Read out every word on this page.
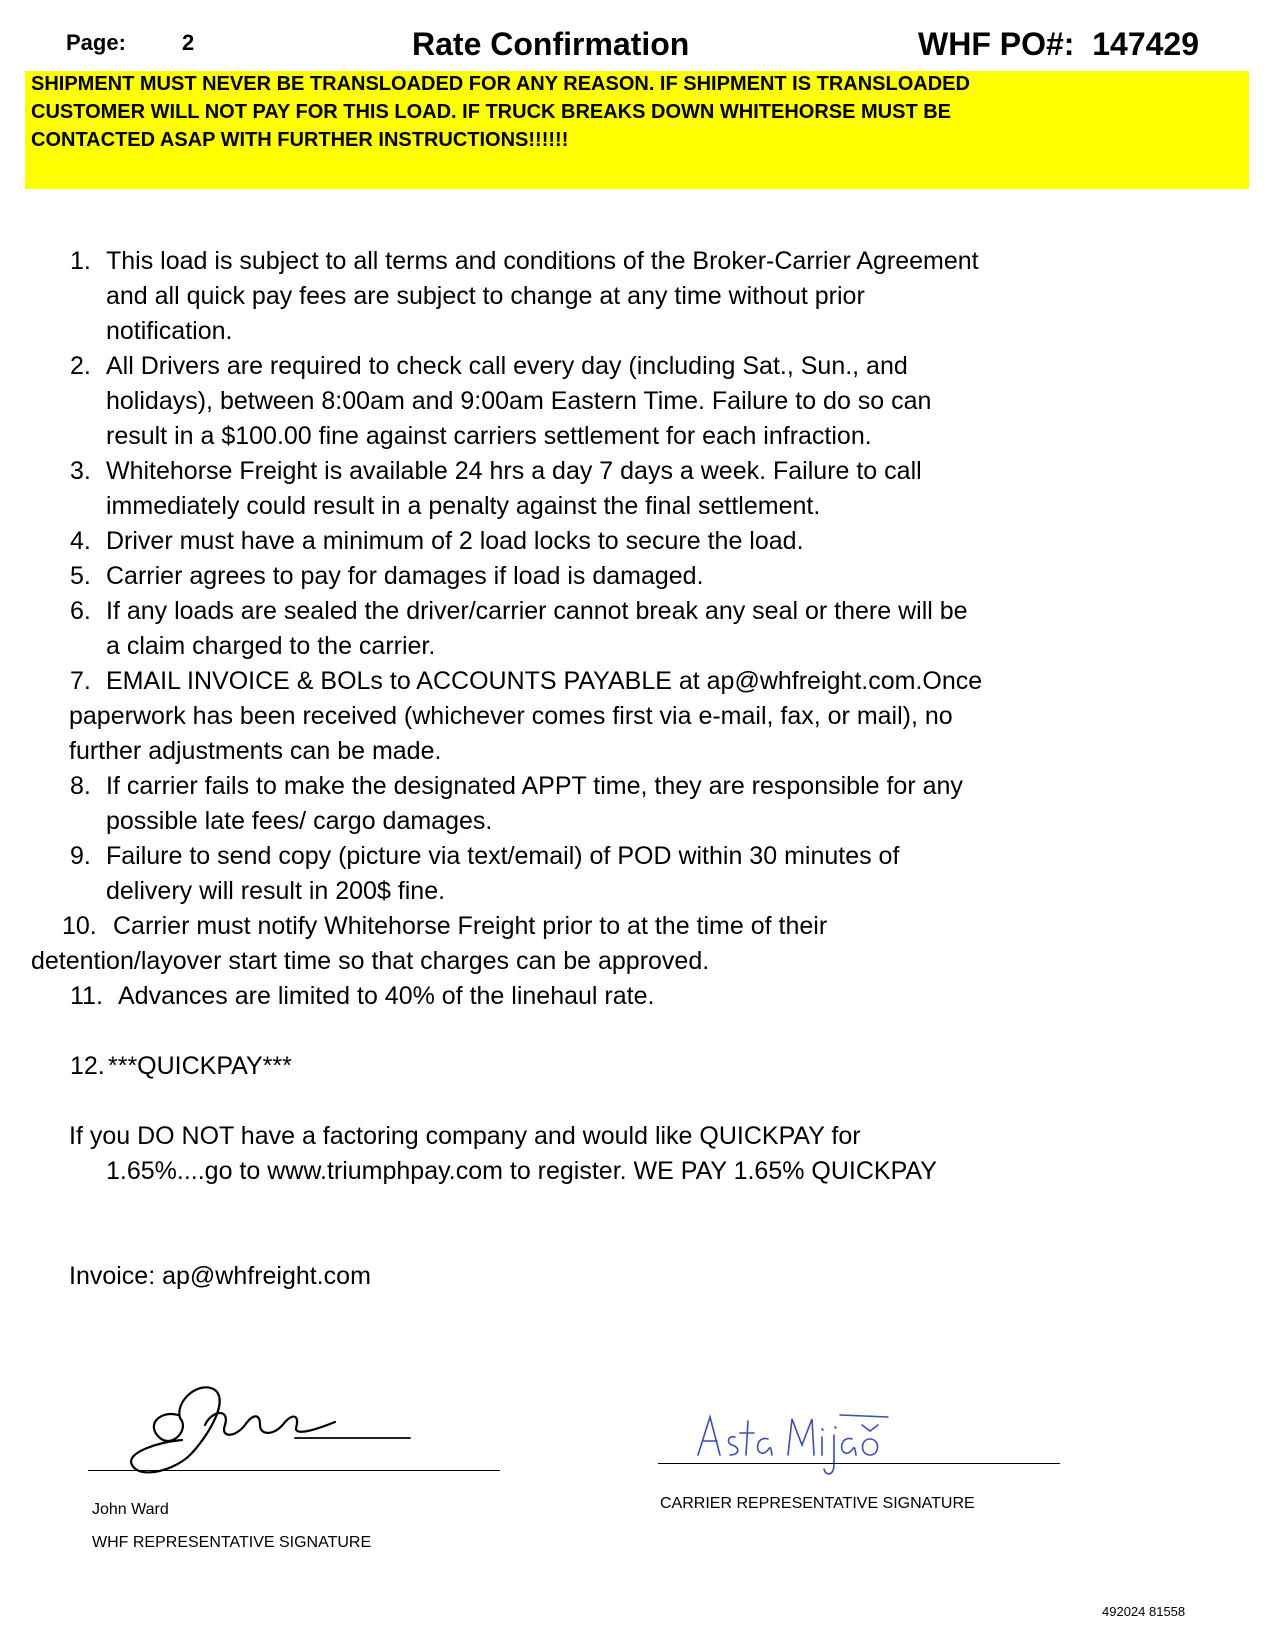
Page:	2	Rate Confirmation	WHF PO#: 147429
SHIPMENT MUST NEVER BE TRANSLOADED FOR ANY REASON. IF SHIPMENT IS TRANSLOADED
CUSTOMER WILL NOT PAY FOR THIS LOAD. IF TRUCK BREAKS DOWN WHITEHORSE MUST BE
CONTACTED ASAP WITH FURTHER INSTRUCTIONS!!!!!!
1. This load is subject to all terms and conditions of the Broker-Carrier Agreement
and all quick pay fees are subject to change at any time without prior
notification.
2. All Drivers are required to check call every day (including Sat., Sun., and
holidays), between 8:00am and 9:00am Eastern Time. Failure to do so can
result in a $100.00 fine against carriers settlement for each infraction.
3. Whitehorse Freight is available 24 hrs a day 7 days a week. Failure to call
immediately could result in a penalty against the final settlement.
4. Driver must have a minimum of 2 load locks to secure the load.
5. Carrier agrees to pay for damages if load is damaged.
6. If any loads are sealed the driver/carrier cannot break any seal or there will be
a claim charged to the carrier.
7. EMAIL INVOICE & BOLs to ACCOUNTS PAYABLE at ap@whfreight.com.Once
paperwork has been received (whichever comes first via e-mail, fax, or mail), no
further adjustments can be made.
8. If carrier fails to make the designated APPT time, they are responsible for any
possible late fees/ cargo damages.
9. Failure to send copy (picture via text/email) of POD within 30 minutes of
delivery will result in 200$ fine.
10. Carrier must notify Whitehorse Freight prior to at the time of their
detention/layover start time so that charges can be approved.
11. Advances are limited to 40% of the linehaul rate.
12. ***QUICKPAY***
If you DO NOT have a factoring company and would like QUICKPAY for
1.65%....go to www.triumphpay.com to register. WE PAY 1.65% QUICKPAY
Invoice: ap@whfreight.com
John Ward
WHF REPRESENTATIVE SIGNATURE
CARRIER REPRESENTATIVE SIGNATURE
492024 81558
